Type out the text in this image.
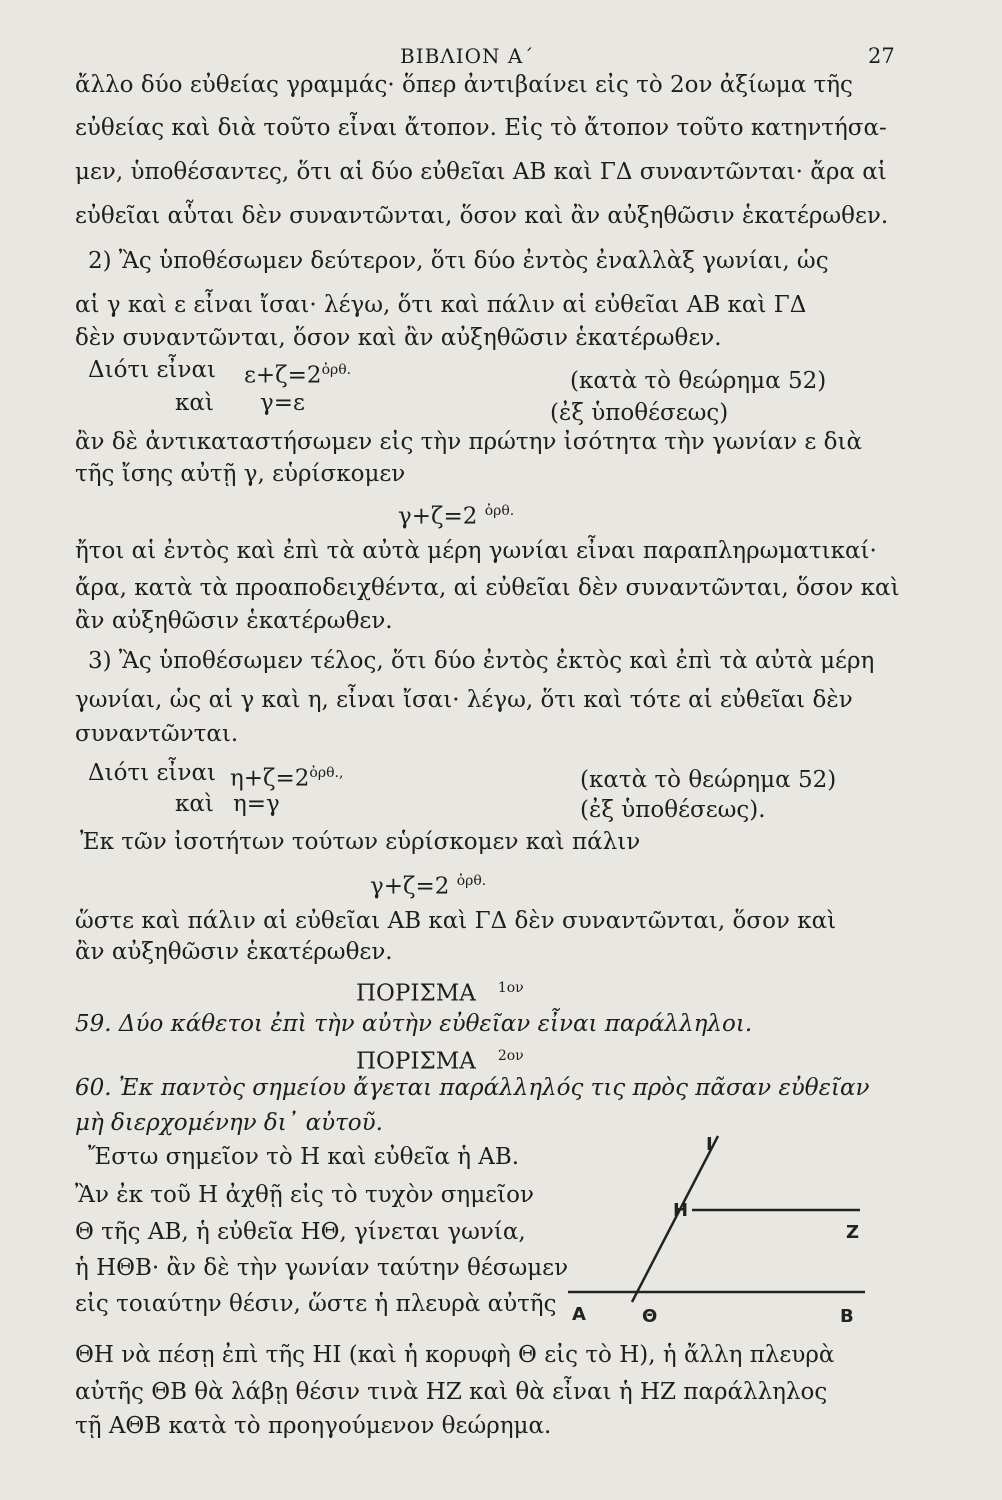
ΒΙΒΛΙΟΝ Α΄	27
ἄλλο δύο εὐθείας γραμμάς· ὅπερ ἀντιβαίνει εἰς τὸ 2ον ἀξίωμα τῆς
εὐθείας καὶ διὰ τοῦτο εἶναι ἄτοπον. Εἰς τὸ ἄτοπον τοῦτο κατηντήσα-
μεν, ὑποθέσαντες, ὅτι αἱ δύο εὐθεῖαι ΑΒ καὶ ΓΔ συναντῶνται· ἄρα αἱ
εὐθεῖαι αὗται δὲν συναντῶνται, ὅσον καὶ ἂν αὐξηθῶσιν ἑκατέρωθεν.
2) Ἂς ὑποθέσωμεν δεύτερον, ὅτι δύο ἐντὸς ἐναλλὰξ γωνίαι, ὡς
αἱ γ καὶ ε εἶναι ἴσαι· λέγω, ὅτι καὶ πάλιν αἱ εὐθεῖαι ΑΒ καὶ ΓΔ
δὲν συναντῶνται, ὅσον καὶ ἂν αὐξηθῶσιν ἑκατέρωθεν.
Διότι εἶναι $\varepsilon+\zeta=2^{ὀ\rho\theta.}$	(κατὰ τὸ θεώρημα 52)
καὶ γ=ε	(ἐξ ὑποθέσεως)
ἂν δὲ ἀντικαταστήσωμεν εἰς τὴν πρώτην ἰσότητα τὴν γωνίαν ε διὰ
τῆς ἴσης αὐτῇ γ, εὑρίσκομεν
γ+ζ=2 $^{ὀ\rho\theta.}$
ἤτοι αἱ ἐντὸς καὶ ἐπὶ τὰ αὐτὰ μέρη γωνίαι εἶναι παραπληρωματικαί·
ἄρα, κατὰ τὰ προαποδειχθέντα, αἱ εὐθεῖαι δὲν συναντῶνται, ὅσον καὶ
ἂν αὐξηθῶσιν ἑκατέρωθεν.
3) Ἂς ὑποθέσωμεν τέλος, ὅτι δύο ἐντὸς ἐκτὸς καὶ ἐπὶ τὰ αὐτὰ μέρη
γωνίαι, ὡς αἱ γ καὶ η, εἶναι ἴσαι· λέγω, ὅτι καὶ τότε αἱ εὐθεῖαι δὲν
συναντῶνται.
Διότι εἶναι $\eta+\zeta=2^{ὀ\rho\theta.,}$	(κατὰ τὸ θεώρημα 52)
καὶ η=γ	(ἐξ ὑποθέσεως).
Ἐκ τῶν ἰσοτήτων τούτων εὑρίσκομεν καὶ πάλιν
γ+ζ=2 $^{ὀ\rho\theta.}$
ὥστε καὶ πάλιν αἱ εὐθεῖαι ΑΒ καὶ ΓΔ δὲν συναντῶνται, ὅσον καὶ
ἂν αὐξηθῶσιν ἑκατέρωθεν.
ΠΟΡΙΣΜΑ $^{1o\nu}$
59. Δύο κάθετοι ἐπὶ τὴν αὐτὴν εὐθεῖαν εἶναι παράλληλοι.
ΠΟΡΙΣΜΑ $^{2o\nu}$
60. Ἐκ παντὸς σημείου ἄγεται παράλληλός τις πρὸς πᾶσαν εὐθεῖαν
μὴ διερχομένην δι᾽ αὐτοῦ.
Ἔστω σημεῖον τὸ Η καὶ εὐθεῖα ἡ ΑΒ.
Ἂν ἐκ τοῦ Η ἀχθῇ εἰς τὸ τυχὸν σημεῖον
Θ τῆς ΑΒ, ἡ εὐθεῖα ΗΘ, γίνεται γωνία,
ἡ ΗΘΒ· ἂν δὲ τὴν γωνίαν ταύτην θέσωμεν
εἰς τοιαύτην θέσιν, ὥστε ἡ πλευρὰ αὐτῆς
ΘΗ νὰ πέσῃ ἐπὶ τῆς ΗΙ (καὶ ἡ κορυφὴ Θ εἰς τὸ Η), ἡ ἄλλη πλευρὰ
αὐτῆς ΘΒ θὰ λάβῃ θέσιν τινὰ ΗΖ καὶ θὰ εἶναι ἡ ΗΖ παράλληλος
τῇ ΑΘΒ κατὰ τὸ προηγούμενον θεώρημα.
I
H
Z
A	Θ	B
